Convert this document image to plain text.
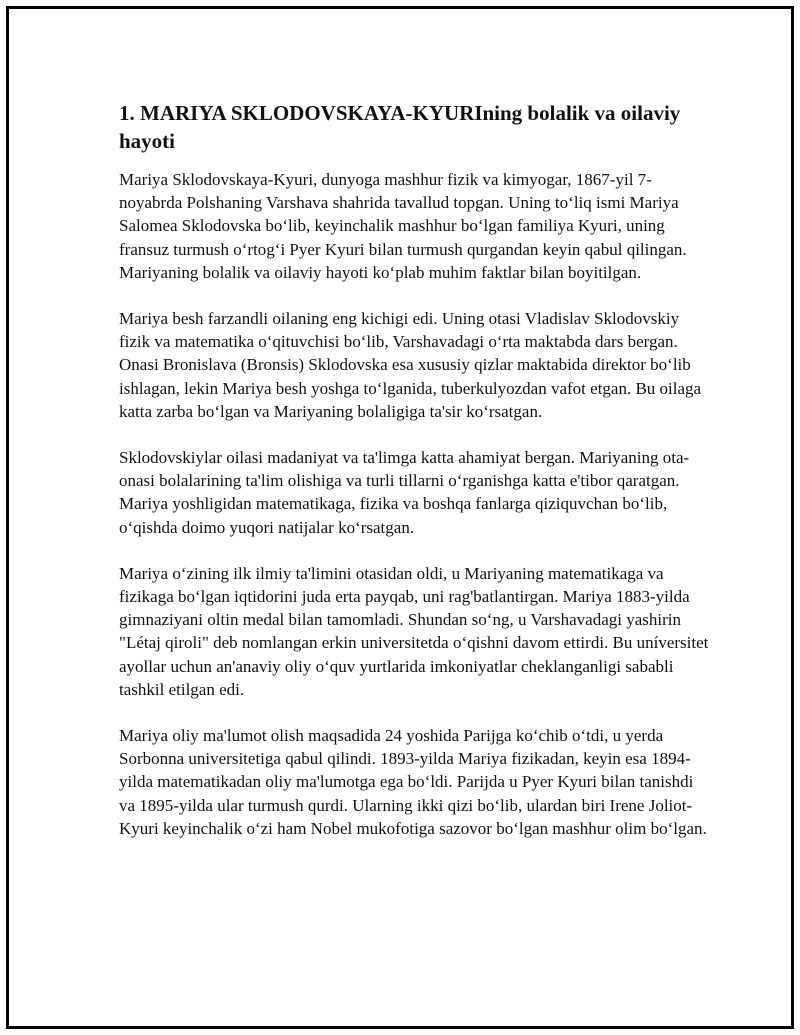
1. MARIYA SKLODOVSKAYA-KYURIning bolalik va oilaviy hayoti

Mariya Sklodovskaya-Kyuri, dunyoga mashhur fizik va kimyogar, 1867-yil 7-noyabrda Polshaning Varshava shahrida tavallud topgan. Uning to‘liq ismi Mariya Salomea Sklodovska bo‘lib, keyinchalik mashhur bo‘lgan familiya Kyuri, uning fransuz turmush o‘rtog‘i Pyer Kyuri bilan turmush qurgandan keyin qabul qilingan. Mariyaning bolalik va oilaviy hayoti ko‘plab muhim faktlar bilan boyitilgan.

Mariya besh farzandli oilaning eng kichigi edi. Uning otasi Vladislav Sklodovskiy fizik va matematika o‘qituvchisi bo‘lib, Varshavadagi o‘rta maktabda dars bergan. Onasi Bronislava (Bronsis) Sklodovska esa xususiy qizlar maktabida direktor bo‘lib ishlagan, lekin Mariya besh yoshga to‘lganida, tuberkulyozdan vafot etgan. Bu oilaga katta zarba bo‘lgan va Mariyaning bolaligiga ta'sir ko‘rsatgan.

Sklodovskiylar oilasi madaniyat va ta'limga katta ahamiyat bergan. Mariyaning ota-onasi bolalarining ta'lim olishiga va turli tillarni o‘rganishga katta e'tibor qaratgan. Mariya yoshligidan matematikaga, fizika va boshqa fanlarga qiziquvchan bo‘lib, o‘qishda doimo yuqori natijalar ko‘rsatgan.

Mariya o‘zining ilk ilmiy ta'limini otasidan oldi, u Mariyaning matematikaga va fizikaga bo‘lgan iqtidorini juda erta payqab, uni rag'batlantirgan. Mariya 1883-yilda gimnaziyani oltin medal bilan tamomladi. Shundan so‘ng, u Varshavadagi yashirin "Létaj qiroli" deb nomlangan erkin universitetda o‘qishni davom ettirdi. Bu uníversitet ayollar uchun an'anaviy oliy o‘quv yurtlarida imkoniyatlar cheklanganligi sababli tashkil etilgan edi.

Mariya oliy ma'lumot olish maqsadida 24 yoshida Parijga ko‘chib o‘tdi, u yerda Sorbonna universitetiga qabul qilindi. 1893-yilda Mariya fizikadan, keyin esa 1894-yilda matematikadan oliy ma'lumotga ega bo‘ldi. Parijda u Pyer Kyuri bilan tanishdi va 1895-yilda ular turmush qurdi. Ularning ikki qizi bo‘lib, ulardan biri Irene Joliot-Kyuri keyinchalik o‘zi ham Nobel mukofotiga sazovor bo‘lgan mashhur olim bo‘lgan.
